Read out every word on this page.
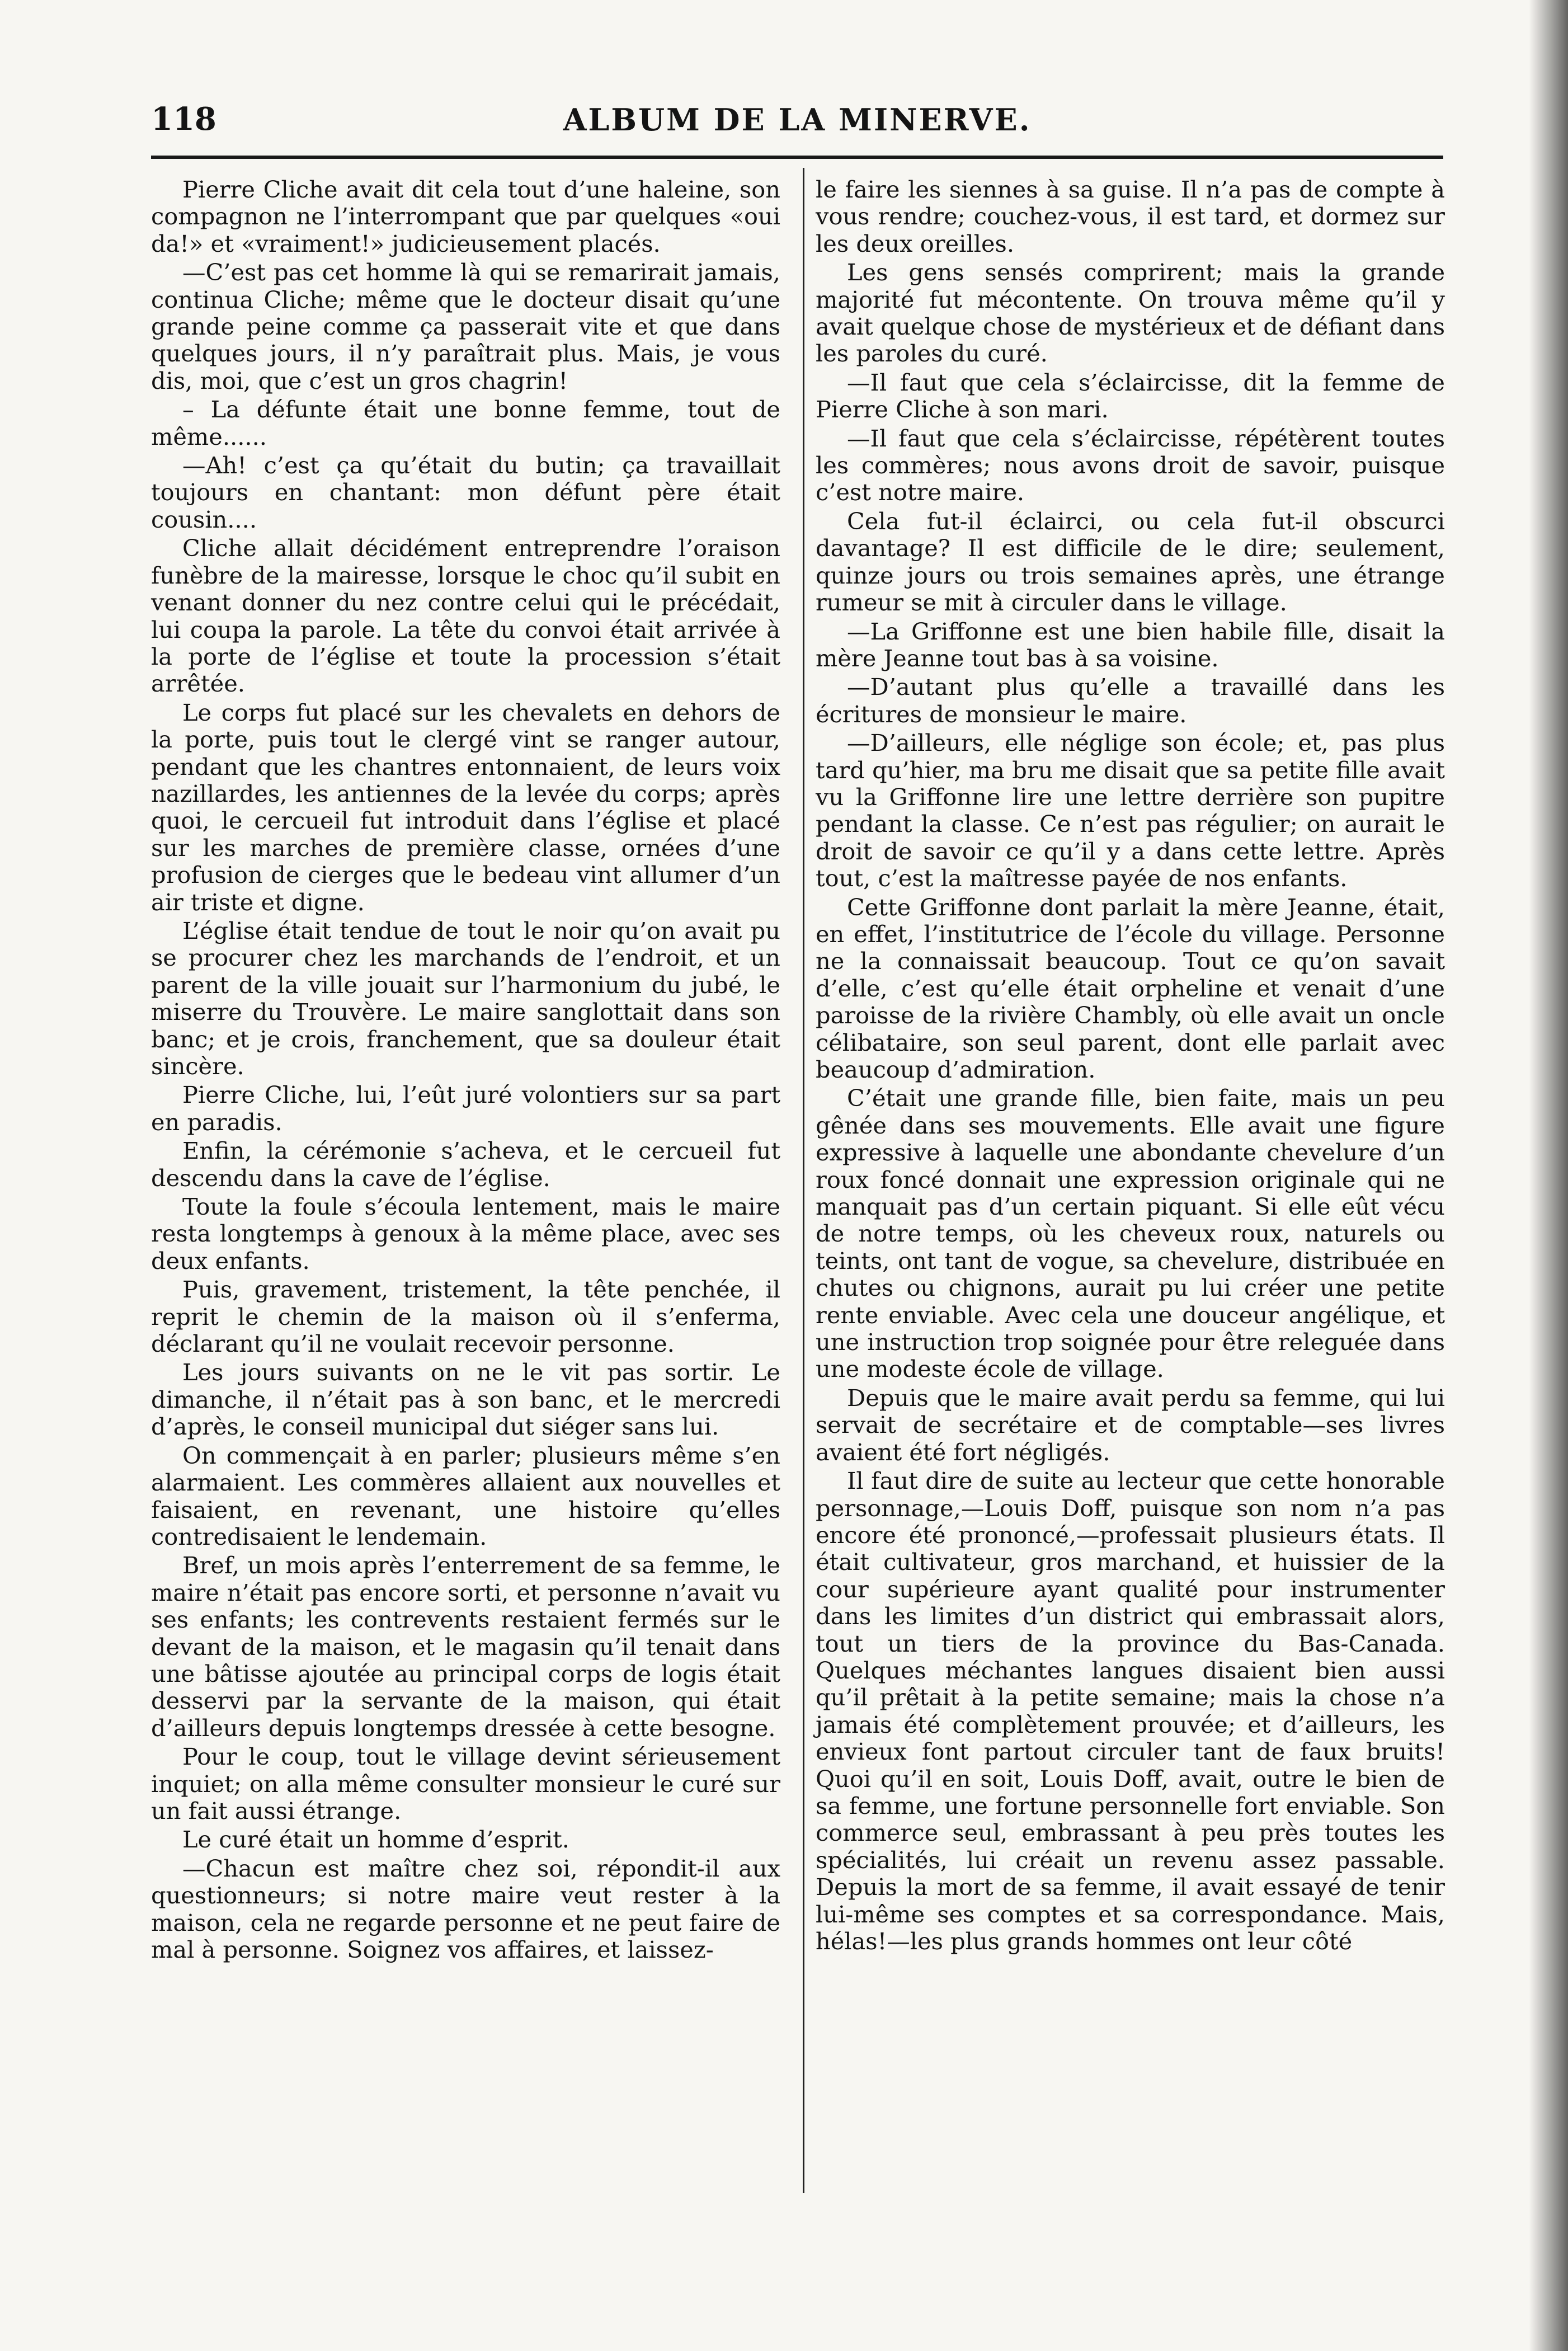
118	ALBUM DE LA MINERVE.

Pierre Cliche avait dit cela tout d’une haleine, son compagnon ne l’interrompant que par quelques «oui da!» et «vraiment!» judicieusement placés.

—C’est pas cet homme là qui se remarirait jamais, continua Cliche; même que le docteur disait qu’une grande peine comme ça passerait vite et que dans quelques jours, il n’y paraîtrait plus. Mais, je vous dis, moi, que c’est un gros chagrin!

– La défunte était une bonne femme, tout de même......

—Ah! c’est ça qu’était du butin; ça travaillait toujours en chantant: mon défunt père était cousin....

Cliche allait décidément entreprendre l’oraison funèbre de la mairesse, lorsque le choc qu’il subit en venant donner du nez contre celui qui le précédait, lui coupa la parole. La tête du convoi était arrivée à la porte de l’église et toute la procession s’était arrêtée.

Le corps fut placé sur les chevalets en dehors de la porte, puis tout le clergé vint se ranger autour, pendant que les chantres entonnaient, de leurs voix nazillardes, les antiennes de la levée du corps; après quoi, le cercueil fut introduit dans l’église et placé sur les marches de première classe, ornées d’une profusion de cierges que le bedeau vint allumer d’un air triste et digne.

L’église était tendue de tout le noir qu’on avait pu se procurer chez les marchands de l’endroit, et un parent de la ville jouait sur l’harmonium du jubé, le miserre du Trouvère. Le maire sanglottait dans son banc; et je crois, franchement, que sa douleur était sincère.

Pierre Cliche, lui, l’eût juré volontiers sur sa part en paradis.

Enfin, la cérémonie s’acheva, et le cercueil fut descendu dans la cave de l’église.

Toute la foule s’écoula lentement, mais le maire resta longtemps à genoux à la même place, avec ses deux enfants.

Puis, gravement, tristement, la tête penchée, il reprit le chemin de la maison où il s’enferma, déclarant qu’il ne voulait recevoir personne.

Les jours suivants on ne le vit pas sortir. Le dimanche, il n’était pas à son banc, et le mercredi d’après, le conseil municipal dut siéger sans lui.

On commençait à en parler; plusieurs même s’en alarmaient. Les commères allaient aux nouvelles et faisaient, en revenant, une histoire qu’elles contredisaient le lendemain.

Bref, un mois après l’enterrement de sa femme, le maire n’était pas encore sorti, et personne n’avait vu ses enfants; les contrevents restaient fermés sur le devant de la maison, et le magasin qu’il tenait dans une bâtisse ajoutée au principal corps de logis était desservi par la servante de la maison, qui était d’ailleurs depuis longtemps dressée à cette besogne.

Pour le coup, tout le village devint sérieusement inquiet; on alla même consulter monsieur le curé sur un fait aussi étrange.

Le curé était un homme d’esprit.

—Chacun est maître chez soi, répondit-il aux questionneurs; si notre maire veut rester à la maison, cela ne regarde personne et ne peut faire de mal à personne. Soignez vos affaires, et laissez-

le faire les siennes à sa guise. Il n’a pas de compte à vous rendre; couchez-vous, il est tard, et dormez sur les deux oreilles.

Les gens sensés comprirent; mais la grande majorité fut mécontente. On trouva même qu’il y avait quelque chose de mystérieux et de défiant dans les paroles du curé.

—Il faut que cela s’éclaircisse, dit la femme de Pierre Cliche à son mari.

—Il faut que cela s’éclaircisse, répétèrent toutes les commères; nous avons droit de savoir, puisque c’est notre maire.

Cela fut-il éclairci, ou cela fut-il obscurci davantage? Il est difficile de le dire; seulement, quinze jours ou trois semaines après, une étrange rumeur se mit à circuler dans le village.

—La Griffonne est une bien habile fille, disait la mère Jeanne tout bas à sa voisine.

—D’autant plus qu’elle a travaillé dans les écritures de monsieur le maire.

—D’ailleurs, elle néglige son école; et, pas plus tard qu’hier, ma bru me disait que sa petite fille avait vu la Griffonne lire une lettre derrière son pupitre pendant la classe. Ce n’est pas régulier; on aurait le droit de savoir ce qu’il y a dans cette lettre. Après tout, c’est la maîtresse payée de nos enfants.

Cette Griffonne dont parlait la mère Jeanne, était, en effet, l’institutrice de l’école du village. Personne ne la connaissait beaucoup. Tout ce qu’on savait d’elle, c’est qu’elle était orpheline et venait d’une paroisse de la rivière Chambly, où elle avait un oncle célibataire, son seul parent, dont elle parlait avec beaucoup d’admiration.

C’était une grande fille, bien faite, mais un peu gênée dans ses mouvements. Elle avait une figure expressive à laquelle une abondante chevelure d’un roux foncé donnait une expression originale qui ne manquait pas d’un certain piquant. Si elle eût vécu de notre temps, où les cheveux roux, naturels ou teints, ont tant de vogue, sa chevelure, distribuée en chutes ou chignons, aurait pu lui créer une petite rente enviable. Avec cela une douceur angélique, et une instruction trop soignée pour être releguée dans une modeste école de village.

Depuis que le maire avait perdu sa femme, qui lui servait de secrétaire et de comptable—ses livres avaient été fort négligés.

Il faut dire de suite au lecteur que cette honorable personnage,—Louis Doff, puisque son nom n’a pas encore été prononcé,—professait plusieurs états. Il était cultivateur, gros marchand, et huissier de la cour supérieure ayant qualité pour instrumenter dans les limites d’un district qui embrassait alors, tout un tiers de la province du Bas-Canada. Quelques méchantes langues disaient bien aussi qu’il prêtait à la petite semaine; mais la chose n’a jamais été complètement prouvée; et d’ailleurs, les envieux font partout circuler tant de faux bruits! Quoi qu’il en soit, Louis Doff, avait, outre le bien de sa femme, une fortune personnelle fort enviable. Son commerce seul, embrassant à peu près toutes les spécialités, lui créait un revenu assez passable. Depuis la mort de sa femme, il avait essayé de tenir lui-même ses comptes et sa correspondance. Mais, hélas!—les plus grands hommes ont leur côté
